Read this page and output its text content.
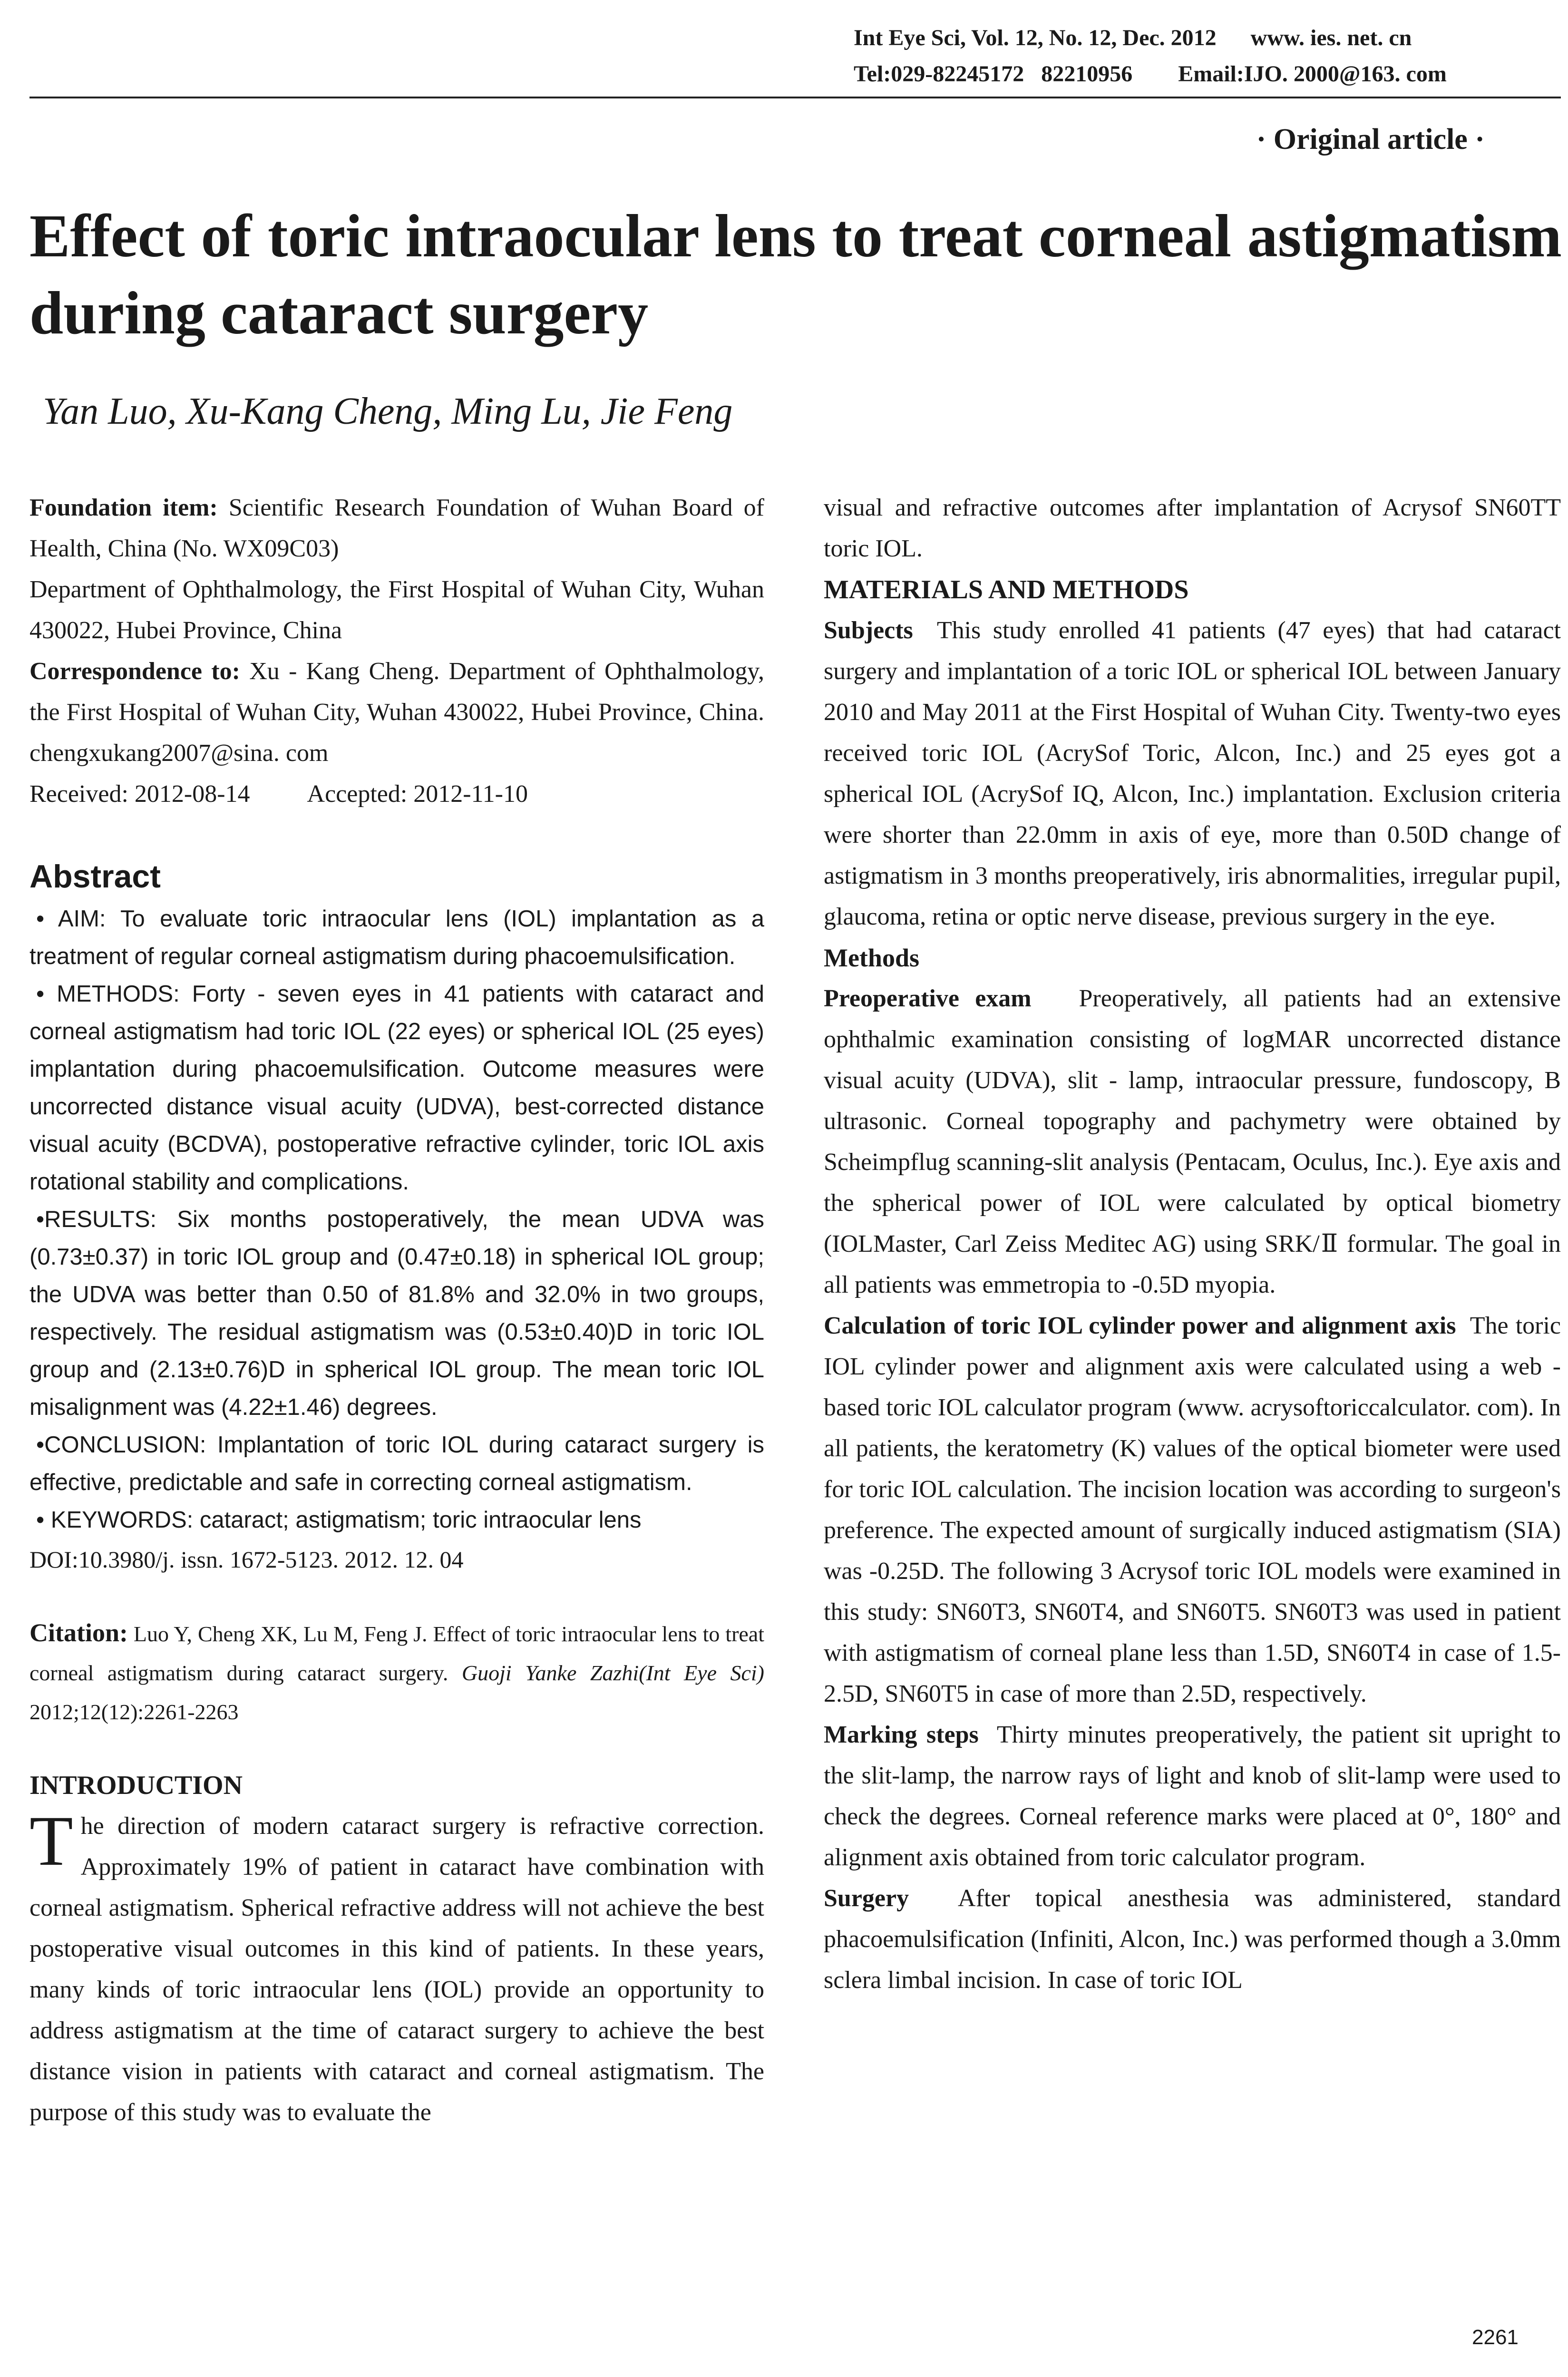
Int Eye Sci, Vol. 12, No. 12, Dec. 2012      www. ies. net. cn
Tel:029-82245172   82210956        Email:IJO. 2000@163. com
· Original article ·
Effect of toric intraocular lens to treat corneal astigmatism during cataract surgery
Yan Luo, Xu-Kang Cheng, Ming Lu, Jie Feng

Foundation item: Scientific Research Foundation of Wuhan Board of Health, China (No. WX09C03)

Department of Ophthalmology, the First Hospital of Wuhan City, Wuhan 430022, Hubei Province, China

Correspondence to: Xu - Kang Cheng. Department of Ophthalmology, the First Hospital of Wuhan City, Wuhan 430022, Hubei Province, China. chengxukang2007@sina. com

Received: 2012-08-14 Accepted: 2012-11-10
Abstract

• AIM: To evaluate toric intraocular lens (IOL) implantation as a treatment of regular corneal astigmatism during phacoemulsification.

• METHODS: Forty - seven eyes in 41 patients with cataract and corneal astigmatism had toric IOL (22 eyes) or spherical IOL (25 eyes) implantation during phacoemulsification. Outcome measures were uncorrected distance visual acuity (UDVA), best-corrected distance visual acuity (BCDVA), postoperative refractive cylinder, toric IOL axis rotational stability and complications.

•RESULTS: Six months postoperatively, the mean UDVA was (0.73±0.37) in toric IOL group and (0.47±0.18) in spherical IOL group; the UDVA was better than 0.50 of 81.8% and 32.0% in two groups, respectively. The residual astigmatism was (0.53±0.40)D in toric IOL group and (2.13±0.76)D in spherical IOL group. The mean toric IOL misalignment was (4.22±1.46) degrees.

•CONCLUSION: Implantation of toric IOL during cataract surgery is effective, predictable and safe in correcting corneal astigmatism.

• KEYWORDS: cataract; astigmatism; toric intraocular lens

DOI:10.3980/j. issn. 1672-5123. 2012. 12. 04

Citation: Luo Y, Cheng XK, Lu M, Feng J. Effect of toric intraocular lens to treat corneal astigmatism during cataract surgery. Guoji Yanke Zazhi(Int Eye Sci) 2012;12(12):2261-2263

INTRODUCTION

The direction of modern cataract surgery is refractive correction. Approximately 19% of patient in cataract have combination with corneal astigmatism. Spherical refractive address will not achieve the best postoperative visual outcomes in this kind of patients. In these years, many kinds of toric intraocular lens (IOL) provide an opportunity to address astigmatism at the time of cataract surgery to achieve the best distance vision in patients with cataract and corneal astigmatism. The purpose of this study was to evaluate the

visual and refractive outcomes after implantation of Acrysof SN60TT toric IOL.

MATERIALS AND METHODS

Subjects This study enrolled 41 patients (47 eyes) that had cataract surgery and implantation of a toric IOL or spherical IOL between January 2010 and May 2011 at the First Hospital of Wuhan City. Twenty-two eyes received toric IOL (AcrySof Toric, Alcon, Inc.) and 25 eyes got a spherical IOL (AcrySof IQ, Alcon, Inc.) implantation. Exclusion criteria were shorter than 22.0mm in axis of eye, more than 0.50D change of astigmatism in 3 months preoperatively, iris abnormalities, irregular pupil, glaucoma, retina or optic nerve disease, previous surgery in the eye.

Methods

Preoperative exam Preoperatively, all patients had an extensive ophthalmic examination consisting of logMAR uncorrected distance visual acuity (UDVA), slit - lamp, intraocular pressure, fundoscopy, B ultrasonic. Corneal topography and pachymetry were obtained by Scheimpflug scanning-slit analysis (Pentacam, Oculus, Inc.). Eye axis and the spherical power of IOL were calculated by optical biometry (IOLMaster, Carl Zeiss Meditec AG) using SRK/Ⅱ formular. The goal in all patients was emmetropia to -0.5D myopia.

Calculation of toric IOL cylinder power and alignment axis The toric IOL cylinder power and alignment axis were calculated using a web - based toric IOL calculator program (www. acrysoftoriccalculator. com). In all patients, the keratometry (K) values of the optical biometer were used for toric IOL calculation. The incision location was according to surgeon's preference. The expected amount of surgically induced astigmatism (SIA) was -0.25D. The following 3 Acrysof toric IOL models were examined in this study: SN60T3, SN60T4, and SN60T5. SN60T3 was used in patient with astigmatism of corneal plane less than 1.5D, SN60T4 in case of 1.5-2.5D, SN60T5 in case of more than 2.5D, respectively.

Marking steps Thirty minutes preoperatively, the patient sit upright to the slit-lamp, the narrow rays of light and knob of slit-lamp were used to check the degrees. Corneal reference marks were placed at 0°, 180° and alignment axis obtained from toric calculator program.

Surgery After topical anesthesia was administered, standard phacoemulsification (Infiniti, Alcon, Inc.) was performed though a 3.0mm sclera limbal incision. In case of toric IOL

2261
